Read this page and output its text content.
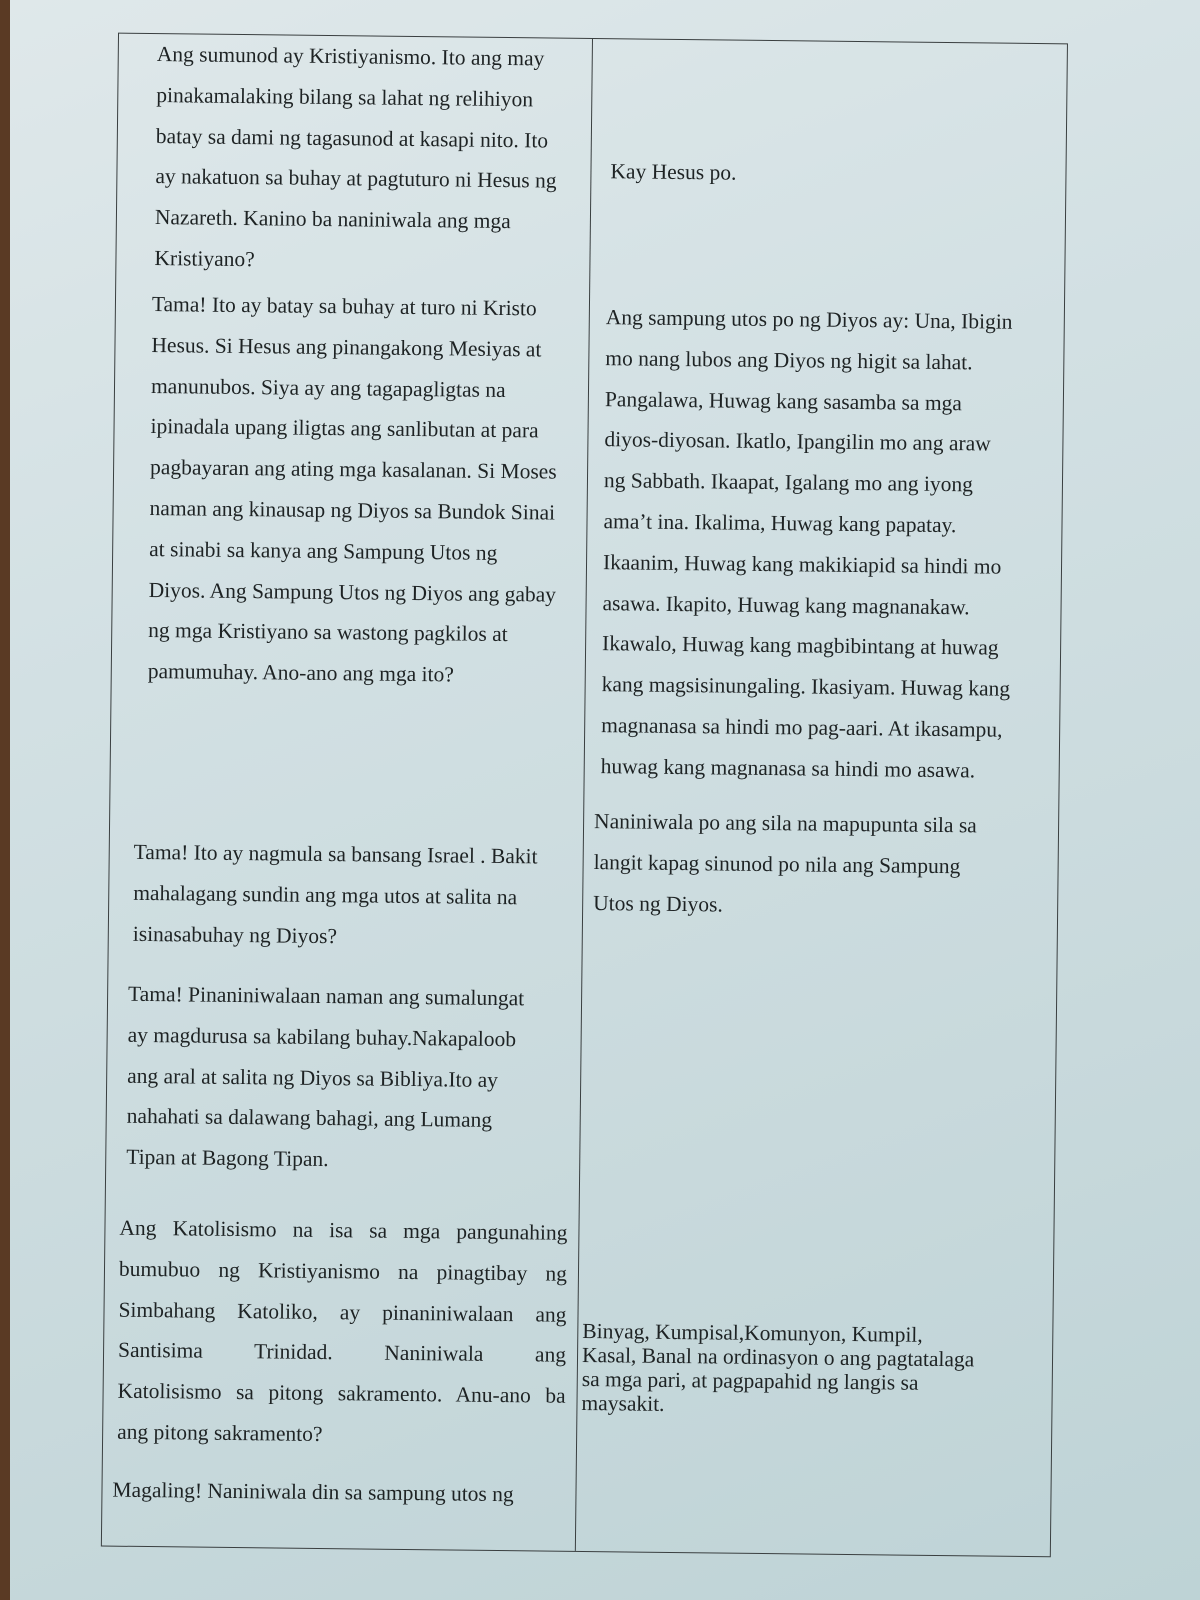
Ang sumunod ay Kristiyanismo. Ito ang may
pinakamalaking bilang sa lahat ng relihiyon
batay sa dami ng tagasunod at kasapi nito. Ito
ay nakatuon sa buhay at pagtuturo ni Hesus ng
Nazareth. Kanino ba naniniwala ang mga
Kristiyano?
Kay Hesus po.
Tama! Ito ay batay sa buhay at turo ni Kristo
Hesus. Si Hesus ang pinangakong Mesiyas at
manunubos. Siya ay ang tagapagligtas na
ipinadala upang iligtas ang sanlibutan at para
pagbayaran ang ating mga kasalanan. Si Moses
naman ang kinausap ng Diyos sa Bundok Sinai
at sinabi sa kanya ang Sampung Utos ng
Diyos. Ang Sampung Utos ng Diyos ang gabay
ng mga Kristiyano sa wastong pagkilos at
pamumuhay. Ano-ano ang mga ito?
Ang sampung utos po ng Diyos ay: Una, Ibigin
mo nang lubos ang Diyos ng higit sa lahat.
Pangalawa, Huwag kang sasamba sa mga
diyos-diyosan. Ikatlo, Ipangilin mo ang araw
ng Sabbath. Ikaapat, Igalang mo ang iyong
ama’t ina. Ikalima, Huwag kang papatay.
Ikaanim, Huwag kang makikiapid sa hindi mo
asawa. Ikapito, Huwag kang magnanakaw.
Ikawalo, Huwag kang magbibintang at huwag
kang magsisinungaling. Ikasiyam. Huwag kang
magnanasa sa hindi mo pag-aari. At ikasampu,
huwag kang magnanasa sa hindi mo asawa.
Tama! Ito ay nagmula sa bansang Israel . Bakit
mahalagang sundin ang mga utos at salita na
isinasabuhay ng Diyos?
Naniniwala po ang sila na mapupunta sila sa
langit kapag sinunod po nila ang Sampung
Utos ng Diyos.
Tama! Pinaniniwalaan naman ang sumalungat
ay magdurusa sa kabilang buhay.Nakapaloob
ang aral at salita ng Diyos sa Bibliya.Ito ay
nahahati sa dalawang bahagi, ang Lumang
Tipan at Bagong Tipan.
Ang Katolisismo na isa sa mga pangunahing
bumubuo ng Kristiyanismo na pinagtibay ng
Simbahang Katoliko, ay pinaniniwalaan ang
Santisima Trinidad. Naniniwala ang
Katolisismo sa pitong sakramento. Anu-ano ba
ang pitong sakramento?
Binyag, Kumpisal,Komunyon, Kumpil,
Kasal, Banal na ordinasyon o ang pagtatalaga
sa mga pari, at pagpapahid ng langis sa
maysakit.
Magaling! Naniniwala din sa sampung utos ng
